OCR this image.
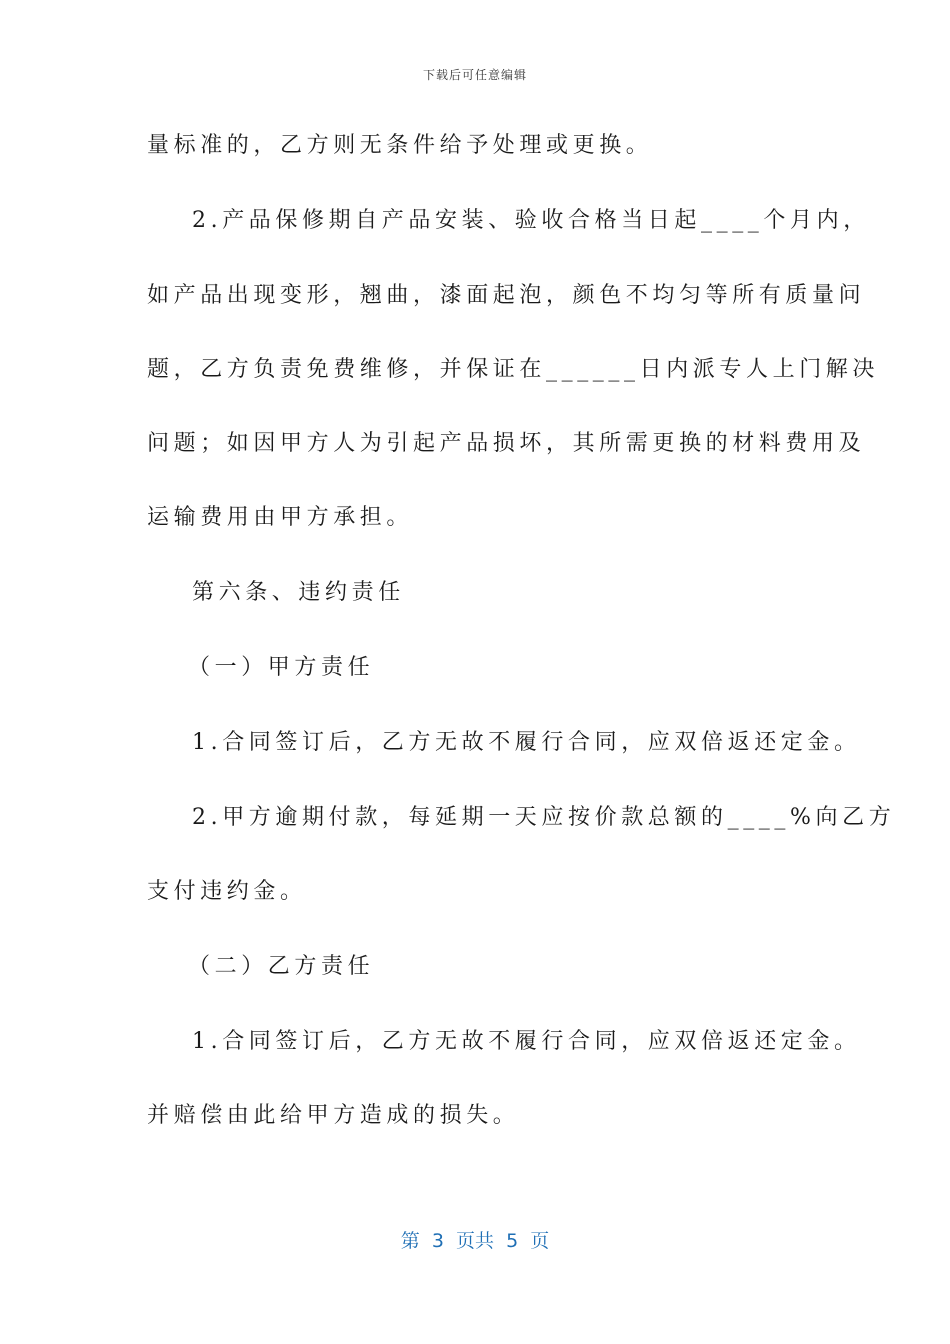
下载后可任意编辑
量标准的，乙方则无条件给予处理或更换。
2.产品保修期自产品安装、验收合格当日起____个月内，
如产品出现变形，翘曲，漆面起泡，颜色不均匀等所有质量问
题，乙方负责免费维修，并保证在______日内派专人上门解决
问题；如因甲方人为引起产品损坏，其所需更换的材料费用及
运输费用由甲方承担。
第六条、违约责任
（一）甲方责任
1.合同签订后，乙方无故不履行合同，应双倍返还定金。
2.甲方逾期付款，每延期一天应按价款总额的____%向乙方
支付违约金。
（二）乙方责任
1.合同签订后，乙方无故不履行合同，应双倍返还定金。
并赔偿由此给甲方造成的损失。
第  3  页共  5  页
